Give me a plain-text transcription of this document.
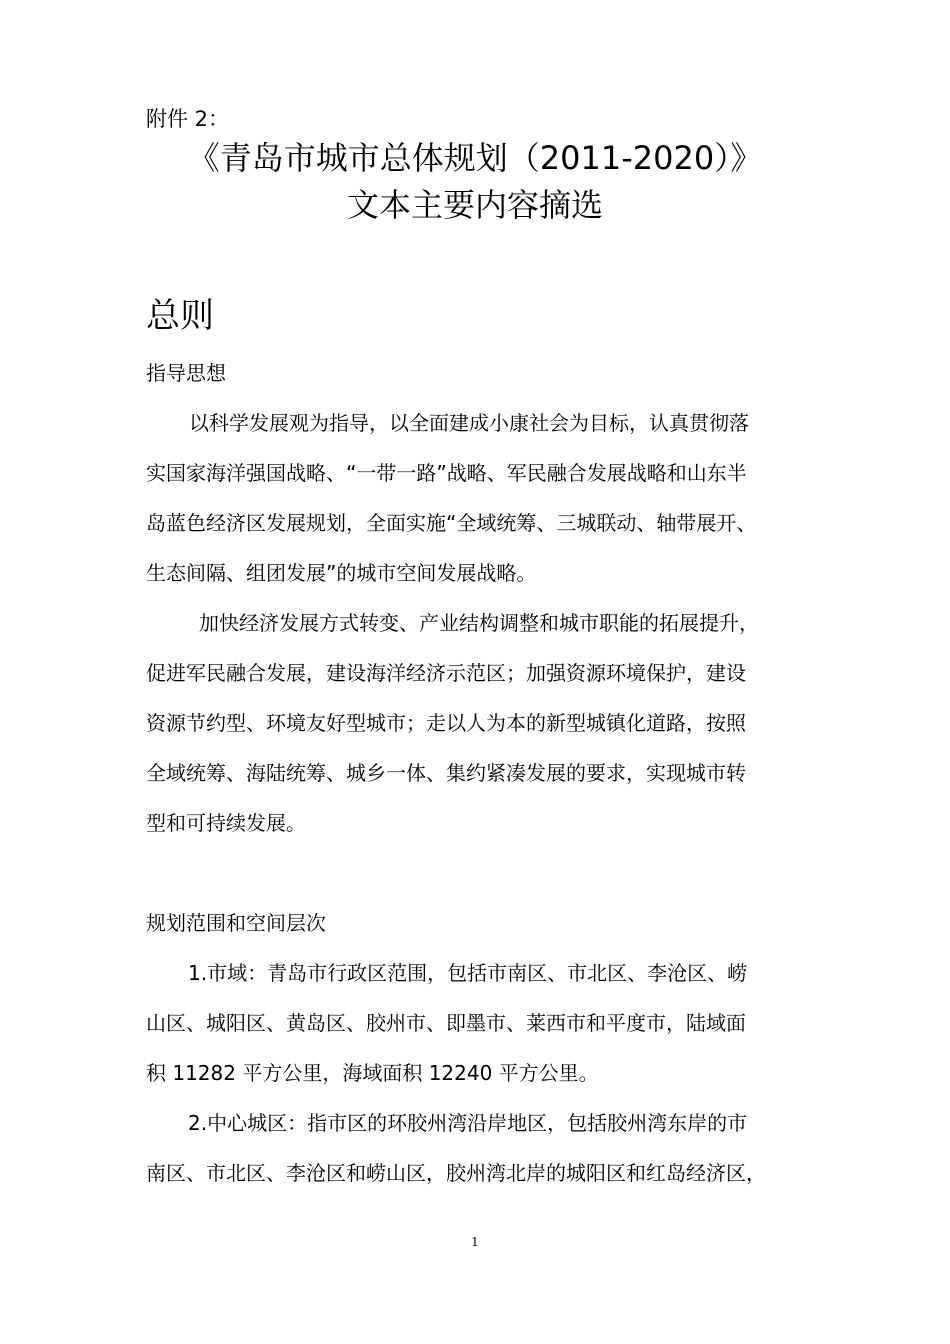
附件 2：
《青岛市城市总体规划（2011-2020）》
文本主要内容摘选
总则
指导思想
以科学发展观为指导，以全面建成小康社会为目标，认真贯彻落
实国家海洋强国战略、“一带一路”战略、军民融合发展战略和山东半
岛蓝色经济区发展规划，全面实施“全域统筹、三城联动、轴带展开、
生态间隔、组团发展”的城市空间发展战略。
加快经济发展方式转变、产业结构调整和城市职能的拓展提升，
促进军民融合发展，建设海洋经济示范区；加强资源环境保护，建设
资源节约型、环境友好型城市；走以人为本的新型城镇化道路，按照
全域统筹、海陆统筹、城乡一体、集约紧凑发展的要求，实现城市转
型和可持续发展。
规划范围和空间层次
1.市域：青岛市行政区范围，包括市南区、市北区、李沧区、崂
山区、城阳区、黄岛区、胶州市、即墨市、莱西市和平度市，陆域面
积 11282 平方公里，海域面积 12240 平方公里。
2.中心城区：指市区的环胶州湾沿岸地区，包括胶州湾东岸的市
南区、市北区、李沧区和崂山区，胶州湾北岸的城阳区和红岛经济区，
1
